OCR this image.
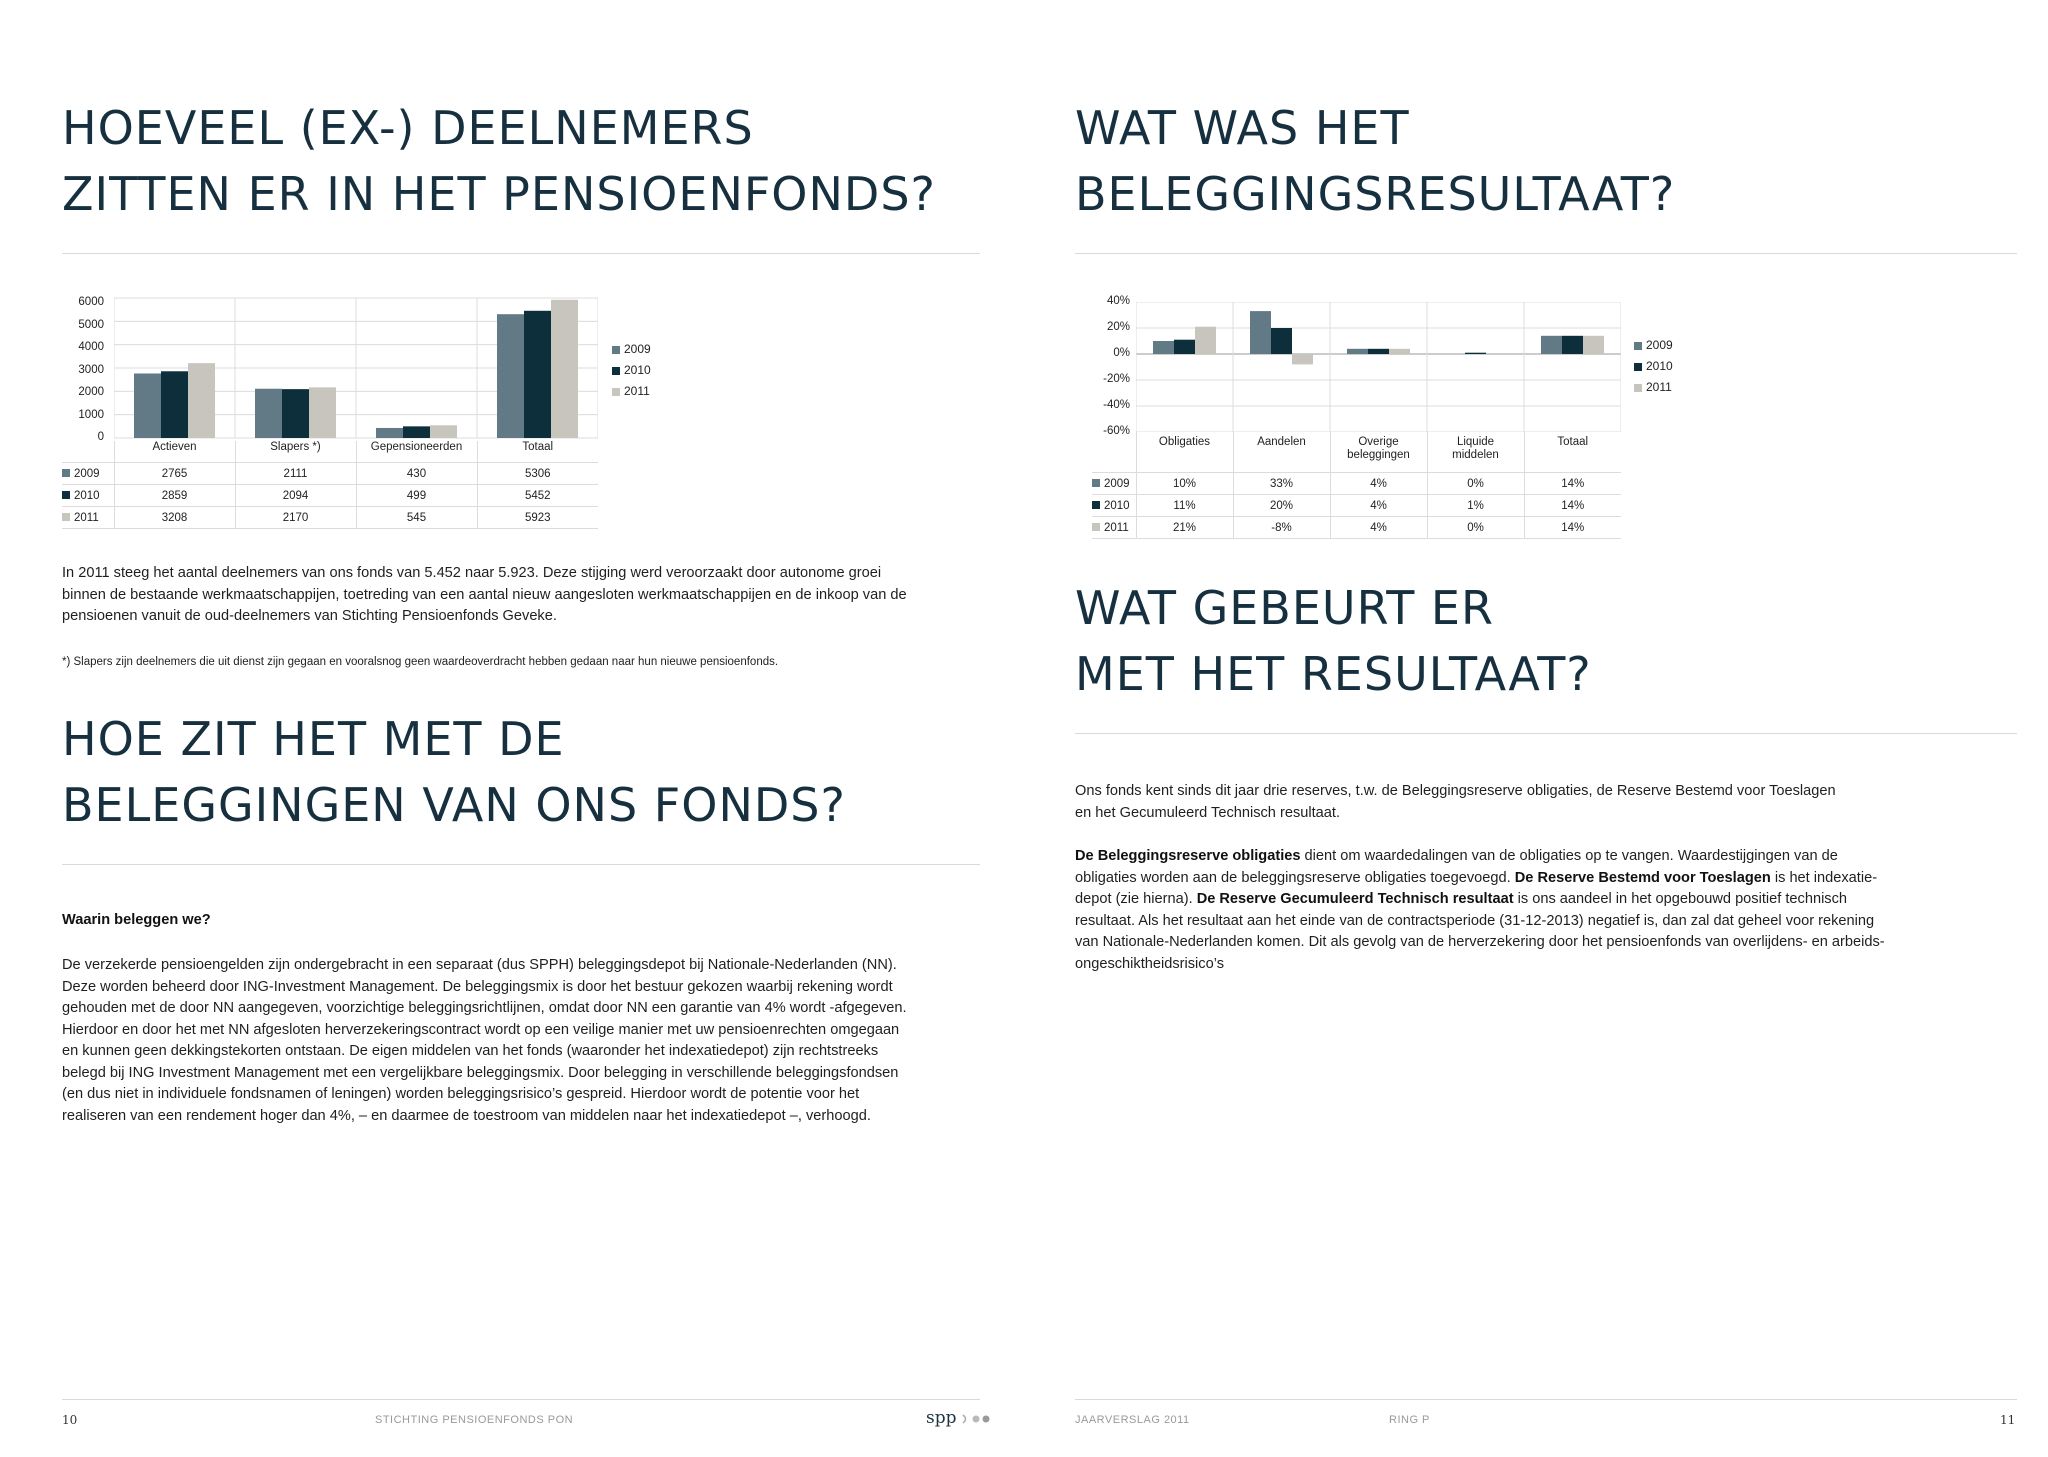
HOEVEEL (EX-) DEELNEMERS
ZITTEN ER IN HET PENSIOENFONDS?
6000
5000
4000
3000
2000
1000
0
2009
2010
2011
	Actieven	Slapers *)	Gepensioneerden	Totaal
2009	2765	2111	430	5306
2010	2859	2094	499	5452
2011	3208	2170	545	5923

In 2011 steeg het aantal deelnemers van ons fonds van 5.452 naar 5.923. Deze stijging werd veroorzaakt door autonome groei
binnen de bestaande werkmaatschappijen, toetreding van een aantal nieuw aangesloten werkmaatschappijen en de inkoop van de
pensioenen vanuit de oud-deelnemers van Stichting Pensioenfonds Geveke.

*) Slapers zijn deelnemers die uit dienst zijn gegaan en vooralsnog geen waardeoverdracht hebben gedaan naar hun nieuwe pensioenfonds.

HOE ZIT HET MET DE
BELEGGINGEN VAN ONS FONDS?

Waarin beleggen we?

De verzekerde pensioengelden zijn ondergebracht in een separaat (dus SPPH) beleggingsdepot bij Nationale-Nederlanden (NN).
Deze worden beheerd door ING-Investment Management. De beleggingsmix is door het bestuur gekozen waarbij rekening wordt
gehouden met de door NN aangegeven, voorzichtige beleggingsrichtlijnen, omdat door NN een garantie van 4% wordt -afgegeven.
Hierdoor en door het met NN afgesloten herverzekeringscontract wordt op een veilige manier met uw pensioenrechten omgegaan
en kunnen geen dekkingstekorten ontstaan. De eigen middelen van het fonds (waaronder het indexatiedepot) zijn rechtstreeks
belegd bij ING Investment Management met een vergelijkbare beleggingsmix. Door belegging in verschillende beleggingsfondsen
(en dus niet in individuele fondsnamen of leningen) worden beleggingsrisico’s gespreid. Hierdoor wordt de potentie voor het
realiseren van een rendement hoger dan 4%, – en daarmee de toestroom van middelen naar het indexatiedepot –, verhoogd.

10	STICHTING PENSIOENFONDS PON	spp
WAT WAS HET
BELEGGINGSRESULTAAT?
40%
20%
0%
-20%
-40%
-60%
2009
2010
2011
	Obligaties	Aandelen	Overige beleggingen	Liquide middelen	Totaal
2009	10%	33%	4%	0%	14%
2010	11%	20%	4%	1%	14%
2011	21%	-8%	4%	0%	14%
WAT GEBEURT ER
MET HET RESULTAAT?

Ons fonds kent sinds dit jaar drie reserves, t.w. de Beleggingsreserve obligaties, de Reserve Bestemd voor Toeslagen
en het Gecumuleerd Technisch resultaat.

De Beleggingsreserve obligaties dient om waardedalingen van de obligaties op te vangen. Waardestijgingen van de
obligaties worden aan de beleggingsreserve obligaties toegevoegd. De Reserve Bestemd voor Toeslagen is het indexatie-
depot (zie hierna). De Reserve Gecumuleerd Technisch resultaat is ons aandeel in het opgebouwd positief technisch
resultaat. Als het resultaat aan het einde van de contractsperiode (31-12-2013) negatief is, dan zal dat geheel voor rekening
van Nationale-Nederlanden komen. Dit als gevolg van de herverzekering door het pensioenfonds van overlijdens- en arbeids-
ongeschiktheidsrisico’s

JAARVERSLAG 2011	RING P	11
